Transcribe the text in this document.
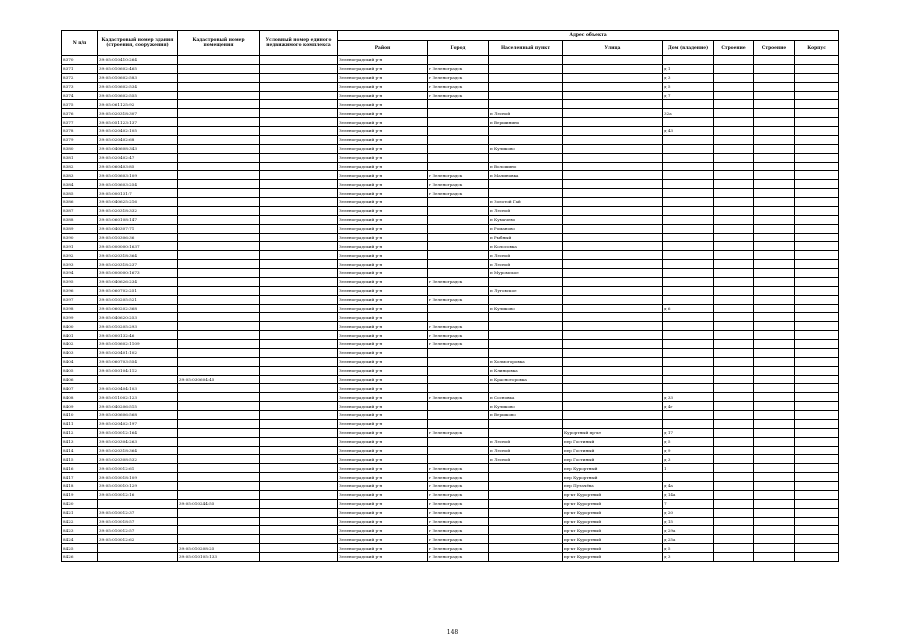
N п/п	Кадастровый номер здания (строения, сооружения)	Кадастровый номер помещения	Условный номер единого недвижимого комплекса	Адрес объекта							
				Район	Город	Населенный пункт	Улица	Дом (владение)	Строение	Строение	Корпус
8370	39:05:010410:264			Зеленоградский р-н							
8371	39:05:010602:465			Зеленоградский р-н	г Зеленоградск			д 1			
8372	39:05:010602:583			Зеленоградский р-н	г Зеленоградск			д 3			
8373	39:05:010602:534			Зеленоградский р-н	г Зеленоградск			д 5			
8374	39:05:010602:555			Зеленоградский р-н	г Зеленоградск			д 7			
8375	39:05:061125:92			Зеленоградский р-н							
8376	39:05:020318:307			Зеленоградский р-н		п Лесной		32а			
8377	39:05:051123:137			Зеленоградский р-н		п Вершинино					
8378	39:05:020402:105			Зеленоградский р-н				д 43			
8379	39:05:020402:68			Зеленоградский р-н							
8380	39:05:040608:343			Зеленоградский р-н		п Куликово					
8381	39:05:020402:47			Зеленоградский р-н							
8382	39:05:060403:85			Зеленоградский р-н		п Волошино					
8383	39:05:010603:109			Зеленоградский р-н	г Зеленоградск	п Малиновка					
8384	39:05:010603:254			Зеленоградский р-н	г Зеленоградск						
8385	39:05:000131:7			Зеленоградский р-н	г Зеленоградск						
8386	39:05:040625:216			Зеленоградский р-н		п Золотой Гай					
8387	39:05:020318:332			Зеленоградский р-н		п Лесной					
8388	39:05:060108:147			Зеленоградский р-н		п Кумачево					
8389	39:05:040307:71			Зеленоградский р-н		п Романово					
8390	39:05:010306:36			Зеленоградский р-н		п Рыбный					
8391	39:05:000000:1637			Зеленоградский р-н		п Колосовка					
8392	39:05:020318:364			Зеленоградский р-н		п Лесной					
8393	39:05:020318:237			Зеленоградский р-н		п Лесной					
8394	39:05:000000:1673			Зеленоградский р-н		п Муромское					
8395	39:05:040626:234			Зеленоградский р-н	г Зеленоградск						
8396	39:05:060702:251			Зеленоградский р-н		п Луговское					
8397	39:05:010205:521			Зеленоградский р-н	г Зеленоградск						
8398	39:05:060202:368			Зеленоградский р-н		п Куликово		д 6			
8399	39:05:040620:253			Зеленоградский р-н							
8400	39:05:010205:293			Зеленоградский р-н	г Зеленоградск						
8401	39:05:000132:46			Зеленоградский р-н	г Зеленоградск						
8402	39:05:010602:1109			Зеленоградский р-н	г Зеленоградск						
8403	39:05:020401:102			Зеленоградский р-н							
8404	39:05:060703:554			Зеленоградский р-н		п Холмогоровка					
8405	39:05:050104:112			Зеленоградский р-н		п Клинцовка					
8406		39:05:030604:45		Зеленоградский р-н		п Красноторовка					
8407	39:05:020404:103			Зеленоградский р-н							
8408	39:05:011002:123			Зеленоградский р-н	г Зеленоградск	п Сосновка		д 33			
8409	39:05:040206:515			Зеленоградский р-н		п Куликово		д 4г			
8410	39:05:030606:568			Зеленоградский р-н		п Вершково					
8411	39:05:020402:197			Зеленоградский р-н							
8412	39:05:010012:164			Зеленоградский р-н	г Зеленоградск		Курортный пр-кт	д 17			
8413	39:05:020304:263			Зеленоградский р-н		п Лесной	пер Гостиный	д 5			
8414	39:05:020318:364			Зеленоградский р-н		п Лесной	пер Гостиный	д 9			
8415	39:05:020308:532			Зеленоградский р-н		п Лесной	пер Гостиный	д 3			
8416	39:05:010012:61			Зеленоградский р-н	г Зеленоградск		пер Курортный	1			
8417	39:05:010018:109			Зеленоградский р-н	г Зеленоградск		пер Курортный				
8418	39:05:010010:129			Зеленоградский р-н	г Зеленоградск		пер Путачёва	д 4а			
8419	39:05:010012:16			Зеленоградский р-н	г Зеленоградск		пр-кт Курортный	д 14а			
8420		39:05:010244:55		Зеленоградский р-н	г Зеленоградск		пр-кт Курортный	7			
8421	39:05:010012:37			Зеленоградский р-н	г Зеленоградск		пр-кт Курортный	д 20			
8422	39:05:010018:57			Зеленоградский р-н	г Зеленоградск		пр-кт Курортный	д 15			
8423	39:05:010012:57			Зеленоградский р-н	г Зеленоградск		пр-кт Курортный	д 29а			
8424	39:05:010012:62			Зеленоградский р-н	г Зеленоградск		пр-кт Курортный	д 25а			
8425		39:05:010208:25		Зеленоградский р-н	г Зеленоградск		пр-кт Курортный	д 5			
8426		39:05:010105:133		Зеленоградский р-н	г Зеленоградск		пр-кт Курортный	д 3			
148
